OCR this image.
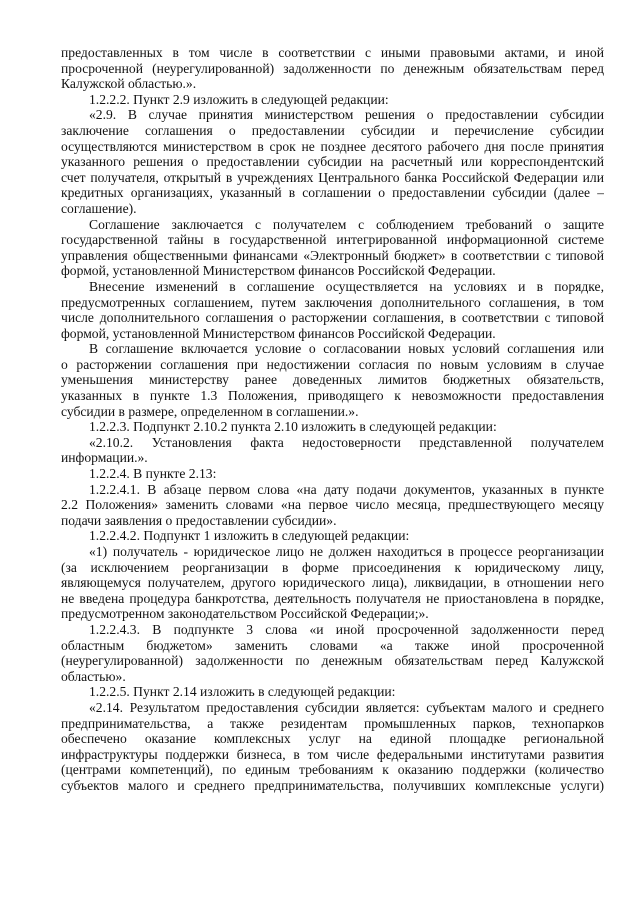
предоставленных в том числе в соответствии с иными правовыми актами, и иной
просроченной (неурегулированной) задолженности по денежным обязательствам перед
Калужской областью.».
1.2.2.2. Пункт 2.9 изложить в следующей редакции:
«2.9. В случае принятия министерством решения о предоставлении субсидии
заключение соглашения о предоставлении субсидии и перечисление субсидии
осуществляются министерством в срок не позднее десятого рабочего дня после принятия
указанного решения о предоставлении субсидии на расчетный или корреспондентский
счет получателя, открытый в учреждениях Центрального банка Российской Федерации или
кредитных организациях, указанный в соглашении о предоставлении субсидии (далее –
соглашение).
Соглашение заключается с получателем с соблюдением требований о защите
государственной тайны в государственной интегрированной информационной системе
управления общественными финансами «Электронный бюджет» в соответствии с типовой
формой, установленной Министерством финансов Российской Федерации.
Внесение изменений в соглашение осуществляется на условиях и в порядке,
предусмотренных соглашением, путем заключения дополнительного соглашения, в том
числе дополнительного соглашения о расторжении соглашения, в соответствии с типовой
формой, установленной Министерством финансов Российской Федерации.
В соглашение включается условие о согласовании новых условий соглашения или
о расторжении соглашения при недостижении согласия по новым условиям в случае
уменьшения министерству ранее доведенных лимитов бюджетных обязательств,
указанных в пункте 1.3 Положения, приводящего к невозможности предоставления
субсидии в размере, определенном в соглашении.».
1.2.2.3. Подпункт 2.10.2 пункта 2.10 изложить в следующей редакции:
«2.10.2. Установления факта недостоверности представленной получателем
информации.».
1.2.2.4. В пункте 2.13:
1.2.2.4.1. В абзаце первом слова «на дату подачи документов, указанных в пункте
2.2 Положения» заменить словами «на первое число месяца, предшествующего месяцу
подачи заявления о предоставлении субсидии».
1.2.2.4.2. Подпункт 1 изложить в следующей редакции:
«1) получатель - юридическое лицо не должен находиться в процессе реорганизации
(за исключением реорганизации в форме присоединения к юридическому лицу,
являющемуся получателем, другого юридического лица), ликвидации, в отношении него
не введена процедура банкротства, деятельность получателя не приостановлена в порядке,
предусмотренном законодательством Российской Федерации;».
1.2.2.4.3. В подпункте 3 слова «и иной просроченной задолженности перед
областным бюджетом» заменить словами «а также иной просроченной
(неурегулированной) задолженности по денежным обязательствам перед Калужской
областью».
1.2.2.5. Пункт 2.14 изложить в следующей редакции:
«2.14. Результатом предоставления субсидии является: субъектам малого и среднего
предпринимательства, а также резидентам промышленных парков, технопарков
обеспечено оказание комплексных услуг на единой площадке региональной
инфраструктуры поддержки бизнеса, в том числе федеральными институтами развития
(центрами компетенций), по единым требованиям к оказанию поддержки (количество
субъектов малого и среднего предпринимательства, получивших комплексные услуги)
